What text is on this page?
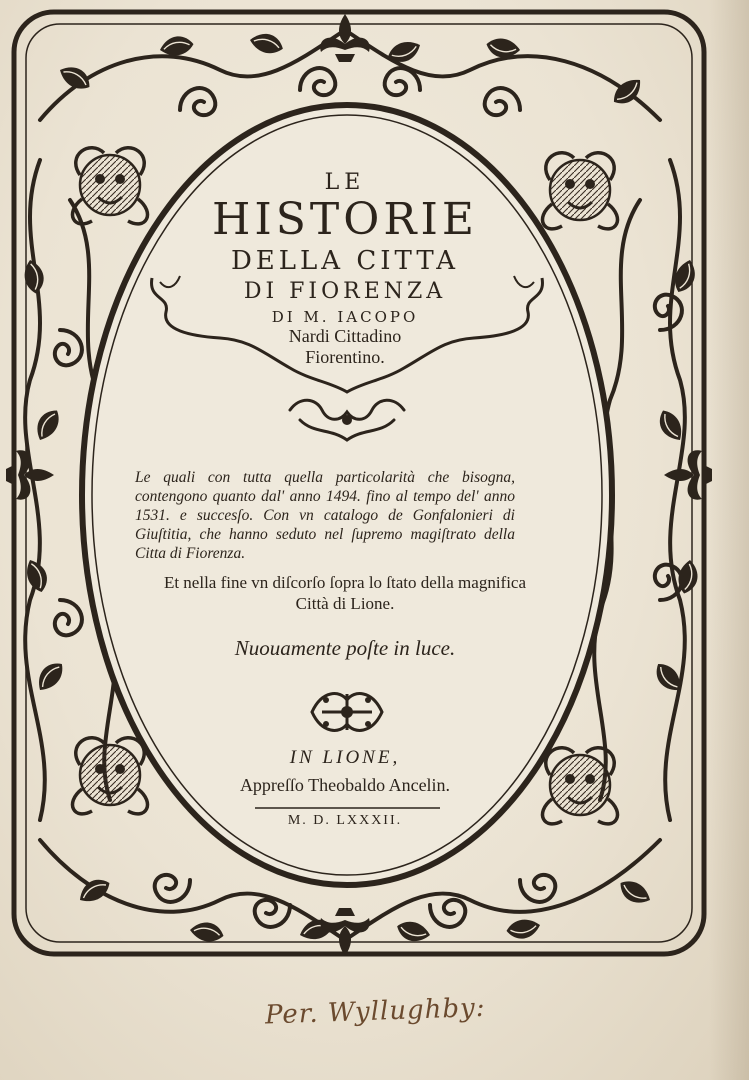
LE

HISTORIE

DELLA CITTA

DI FIORENZA

DI M. IACOPO

Nardi Cittadino

Fiorentino.

Le quali con tutta quella particolarità che bisogna, contengono quanto dal' anno 1494. fino al tempo del' anno 1531. e succesſo. Con vn catalogo de Gonfalonieri di Giuſtitia, che hanno seduto nel ſupremo magiſtrato della Citta di Fiorenza.

Et nella fine vn diſcorſo ſopra lo ſtato della magnifica Città di Lione.

Nuouamente poſte in luce.

IN LIONE,

Appreſſo Theobaldo Ancelin.

M. D. LXXXII.

Per. Wyllughby:
